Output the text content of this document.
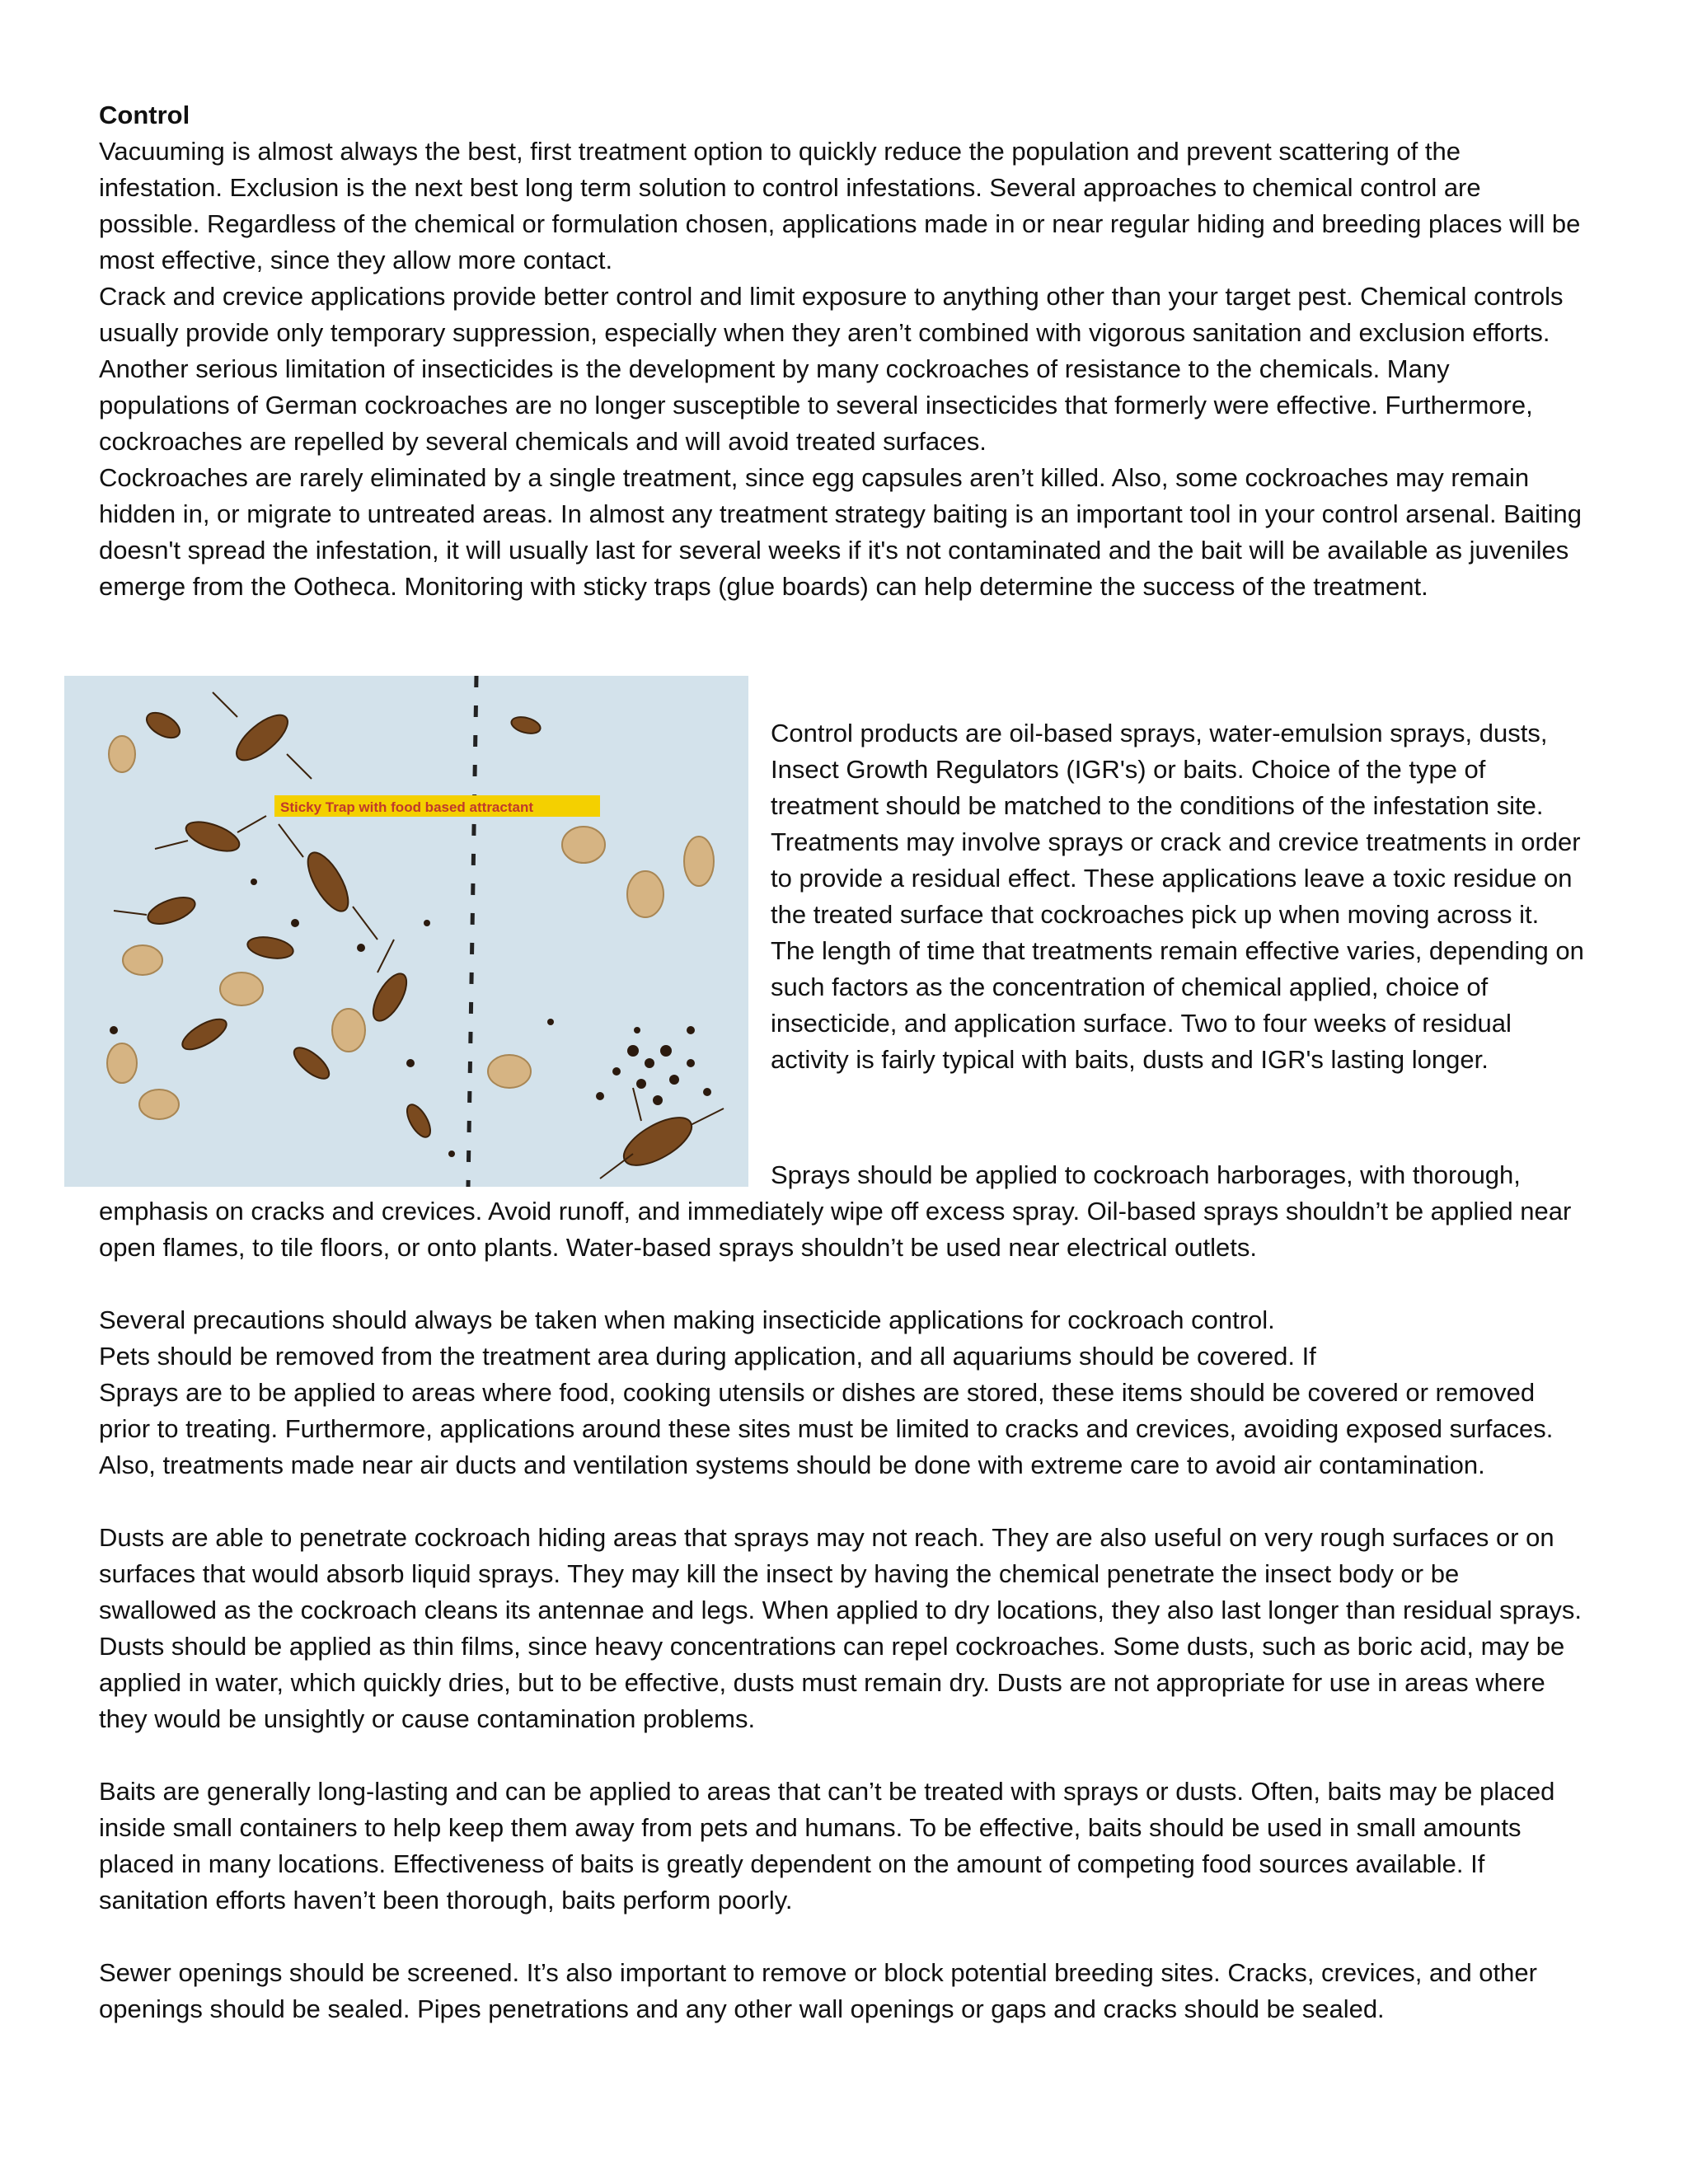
Control

Vacuuming is almost always the best, first treatment option to quickly reduce the population and prevent scattering of the infestation. Exclusion is the next best long term solution to control infestations. Several approaches to chemical control are possible. Regardless of the chemical or formulation chosen, applications made in or near regular hiding and breeding places will be most effective, since they allow more contact.

Crack and crevice applications provide better control and limit exposure to anything other than your target pest. Chemical controls usually provide only temporary suppression, especially when they aren’t combined with vigorous sanitation and exclusion efforts. Another serious limitation of insecticides is the development by many cockroaches of resistance to the chemicals. Many populations of German cockroaches are no longer susceptible to several insecticides that formerly were effective. Furthermore, cockroaches are repelled by several chemicals and will avoid treated surfaces.

Cockroaches are rarely eliminated by a single treatment, since egg capsules aren’t killed. Also, some cockroaches may remain hidden in, or migrate to untreated areas. In almost any treatment strategy baiting is an important tool in your control arsenal. Baiting doesn't spread the infestation, it will usually last for several weeks if it's not contaminated and the bait will be available as juveniles emerge from the Ootheca. Monitoring with sticky traps (glue boards) can help determine the success of the treatment.

Sticky Trap with food based attractant

Control products are oil-based sprays, water-emulsion sprays, dusts, Insect Growth Regulators (IGR's) or baits. Choice of the type of treatment should be matched to the conditions of the infestation site. Treatments may involve sprays or crack and crevice treatments in order to provide a residual effect. These applications leave a toxic residue on the treated surface that cockroaches pick up when moving across it. The length of time that treatments remain effective varies, depending on such factors as the concentration of chemical applied, choice of insecticide, and application surface. Two to four weeks of residual activity is fairly typical with baits, dusts and IGR's lasting longer.

Sprays should be applied to cockroach harborages, with thorough,

emphasis on cracks and crevices. Avoid runoff, and immediately wipe off excess spray. Oil-based sprays shouldn’t be applied near open flames, to tile floors, or onto plants. Water-based sprays shouldn’t be used near electrical outlets.

Several precautions should always be taken when making insecticide applications for cockroach control.

Pets should be removed from the treatment area during application, and all aquariums should be covered. If

Sprays are to be applied to areas where food, cooking utensils or dishes are stored, these items should be covered or removed prior to treating. Furthermore, applications around these sites must be limited to cracks and crevices, avoiding exposed surfaces. Also, treatments made near air ducts and ventilation systems should be done with extreme care to avoid air contamination.

Dusts are able to penetrate cockroach hiding areas that sprays may not reach. They are also useful on very rough surfaces or on surfaces that would absorb liquid sprays. They may kill the insect by having the chemical penetrate the insect body or be swallowed as the cockroach cleans its antennae and legs. When applied to dry locations, they also last longer than residual sprays. Dusts should be applied as thin films, since heavy concentrations can repel cockroaches. Some dusts, such as boric acid, may be applied in water, which quickly dries, but to be effective, dusts must remain dry. Dusts are not appropriate for use in areas where they would be unsightly or cause contamination problems.

Baits are generally long-lasting and can be applied to areas that can’t be treated with sprays or dusts. Often, baits may be placed inside small containers to help keep them away from pets and humans. To be effective, baits should be used in small amounts placed in many locations. Effectiveness of baits is greatly dependent on the amount of competing food sources available. If sanitation efforts haven’t been thorough, baits perform poorly.

Sewer openings should be screened. It’s also important to remove or block potential breeding sites. Cracks, crevices, and other openings should be sealed. Pipes penetrations and any other wall openings or gaps and cracks should be sealed.
